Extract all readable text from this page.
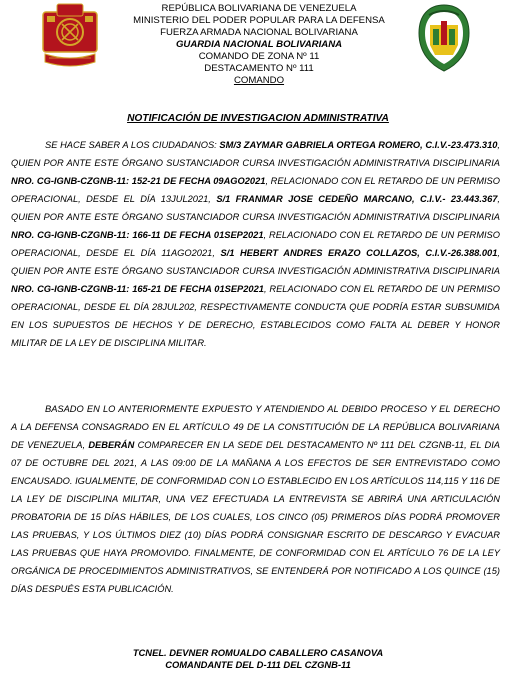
REPÚBLICA BOLIVARIANA DE VENEZUELA
MINISTERIO DEL PODER POPULAR PARA LA DEFENSA
FUERZA ARMADA NACIONAL BOLIVARIANA
GUARDIA NACIONAL BOLIVARIANA
COMANDO DE ZONA Nº 11
DESTACAMENTO Nº 111
COMANDO
NOTIFICACIÓN DE INVESTIGACION ADMINISTRATIVA

SE HACE SABER A LOS CIUDADANOS: SM/3 ZAYMAR GABRIELA ORTEGA ROMERO, C.I.V.-23.473.310, QUIEN POR ANTE ESTE ÓRGANO SUSTANCIADOR CURSA INVESTIGACIÓN ADMINISTRATIVA DISCIPLINARIA NRO. CG-IGNB-CZGNB-11: 152-21 DE FECHA 09AGO2021, RELACIONADO CON EL RETARDO DE UN PERMISO OPERACIONAL, DESDE EL DÍA 13JUL2021, S/1 FRANMAR JOSE CEDEÑO MARCANO, C.I.V.- 23.443.367, QUIEN POR ANTE ESTE ÓRGANO SUSTANCIADOR CURSA INVESTIGACIÓN ADMINISTRATIVA DISCIPLINARIA NRO. CG-IGNB-CZGNB-11: 166-11 DE FECHA 01SEP2021, RELACIONADO CON EL RETARDO DE UN PERMISO OPERACIONAL, DESDE EL DÍA 11AGO2021, S/1 HEBERT ANDRES ERAZO COLLAZOS, C.I.V.-26.388.001, QUIEN POR ANTE ESTE ÓRGANO SUSTANCIADOR CURSA INVESTIGACIÓN ADMINISTRATIVA DISCIPLINARIA NRO. CG-IGNB-CZGNB-11: 165-21 DE FECHA 01SEP2021, RELACIONADO CON EL RETARDO DE UN PERMISO OPERACIONAL, DESDE EL DÍA 28JUL202, RESPECTIVAMENTE CONDUCTA QUE PODRÍA ESTAR SUBSUMIDA EN LOS SUPUESTOS DE HECHOS Y DE DERECHO, ESTABLECIDOS COMO FALTA AL DEBER Y HONOR MILITAR DE LA LEY DE DISCIPLINA MILITAR.

BASADO EN LO ANTERIORMENTE EXPUESTO Y ATENDIENDO AL DEBIDO PROCESO Y EL DERECHO A LA DEFENSA CONSAGRADO EN EL ARTÍCULO 49 DE LA CONSTITUCIÓN DE LA REPÚBLICA BOLIVARIANA DE VENEZUELA, DEBERÁN COMPARECER EN LA SEDE DEL DESTACAMENTO Nº 111 DEL CZGNB-11, EL DIA 07 DE OCTUBRE DEL 2021, A LAS 09:00 DE LA MAÑANA A LOS EFECTOS DE SER ENTREVISTADO COMO ENCAUSADO. IGUALMENTE, DE CONFORMIDAD CON LO ESTABLECIDO EN LOS ARTÍCULOS 114,115 Y 116 DE LA LEY DE DISCIPLINA MILITAR, UNA VEZ EFECTUADA LA ENTREVISTA SE ABRIRÁ UNA ARTICULACIÓN PROBATORIA DE 15 DÍAS HÁBILES, DE LOS CUALES, LOS CINCO (05) PRIMEROS DÍAS PODRÁ PROMOVER LAS PRUEBAS, Y LOS ÚLTIMOS DIEZ (10) DÍAS PODRÁ CONSIGNAR ESCRITO DE DESCARGO Y EVACUAR LAS PRUEBAS QUE HAYA PROMOVIDO. FINALMENTE, DE CONFORMIDAD CON EL ARTÍCULO 76 DE LA LEY ORGÁNICA DE PROCEDIMIENTOS ADMINISTRATIVOS, SE ENTENDERÁ POR NOTIFICADO A LOS QUINCE (15) DÍAS DESPUÉS ESTA PUBLICACIÓN.

TCNEL. DEVNER ROMUALDO CABALLERO CASANOVA
COMANDANTE DEL D-111 DEL CZGNB-11
